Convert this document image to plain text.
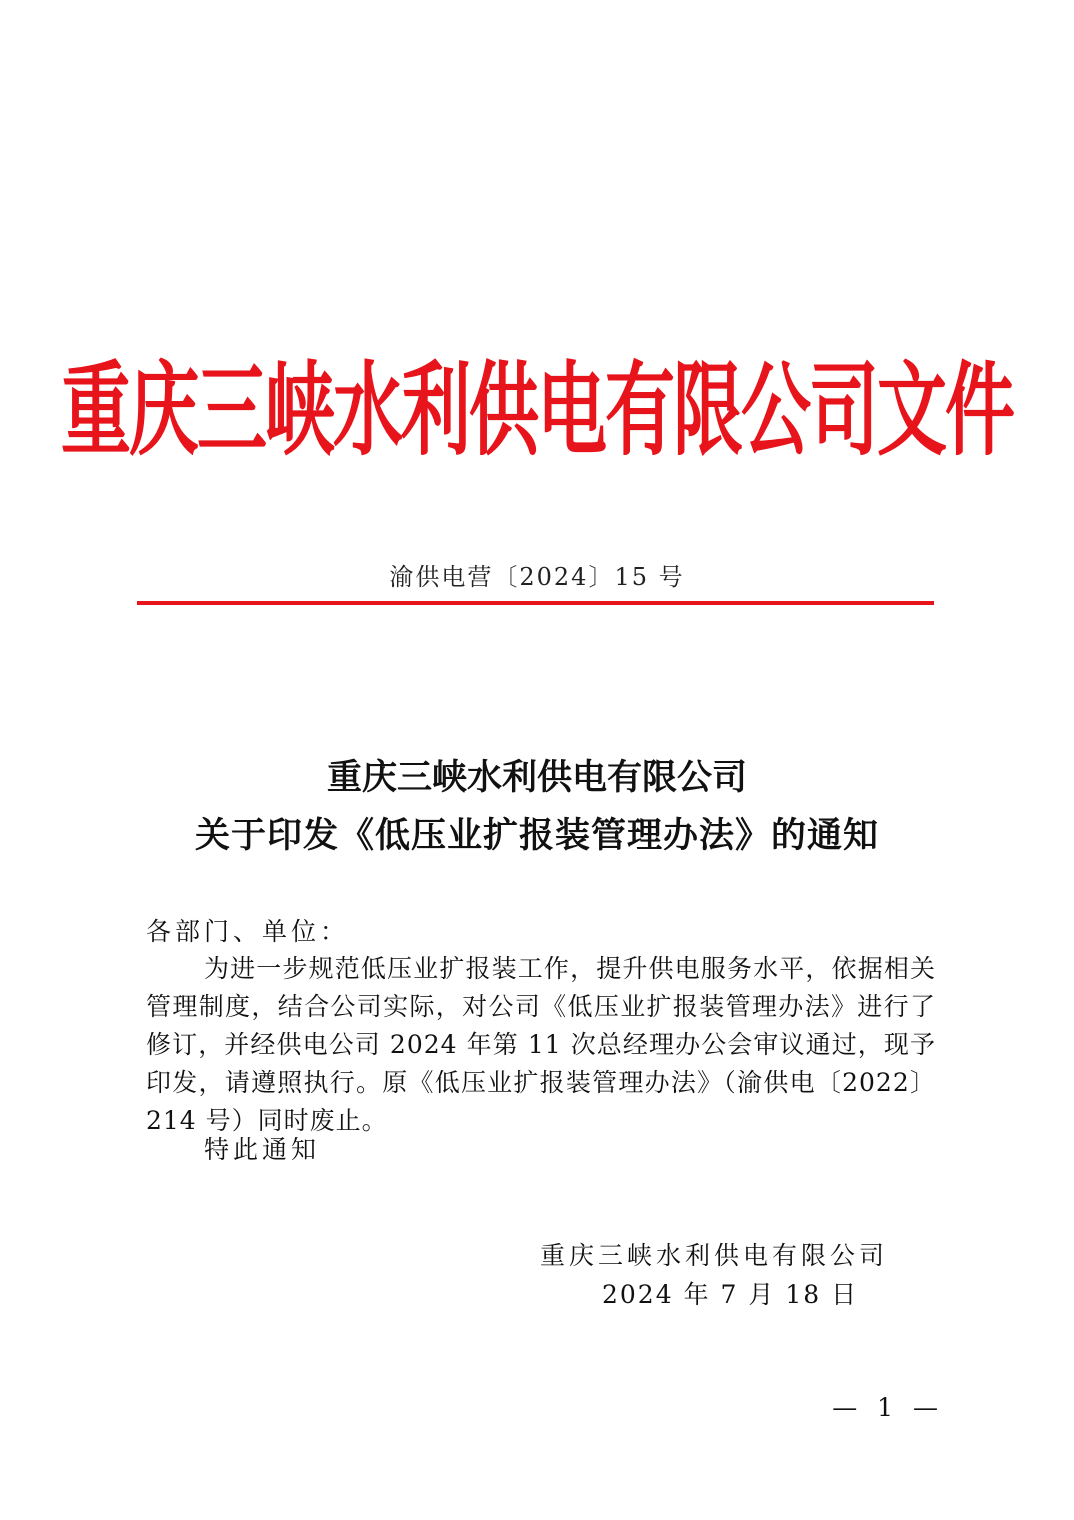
重庆三峡水利供电有限公司文件
渝供电营〔2024〕15 号
重庆三峡水利供电有限公司
关于印发《低压业扩报装管理办法》的通知
各部门、单位：
为进一步规范低压业扩报装工作，提升供电服务水平，依据相关管理制度，结合公司实际，对公司《低压业扩报装管理办法》进行了修订，并经供电公司 2024 年第 11 次总经理办公会审议通过，现予印发，请遵照执行。原《低压业扩报装管理办法》（渝供电〔2022〕214 号）同时废止。
特此通知
重庆三峡水利供电有限公司
2024 年 7 月 18 日
— 1 —
